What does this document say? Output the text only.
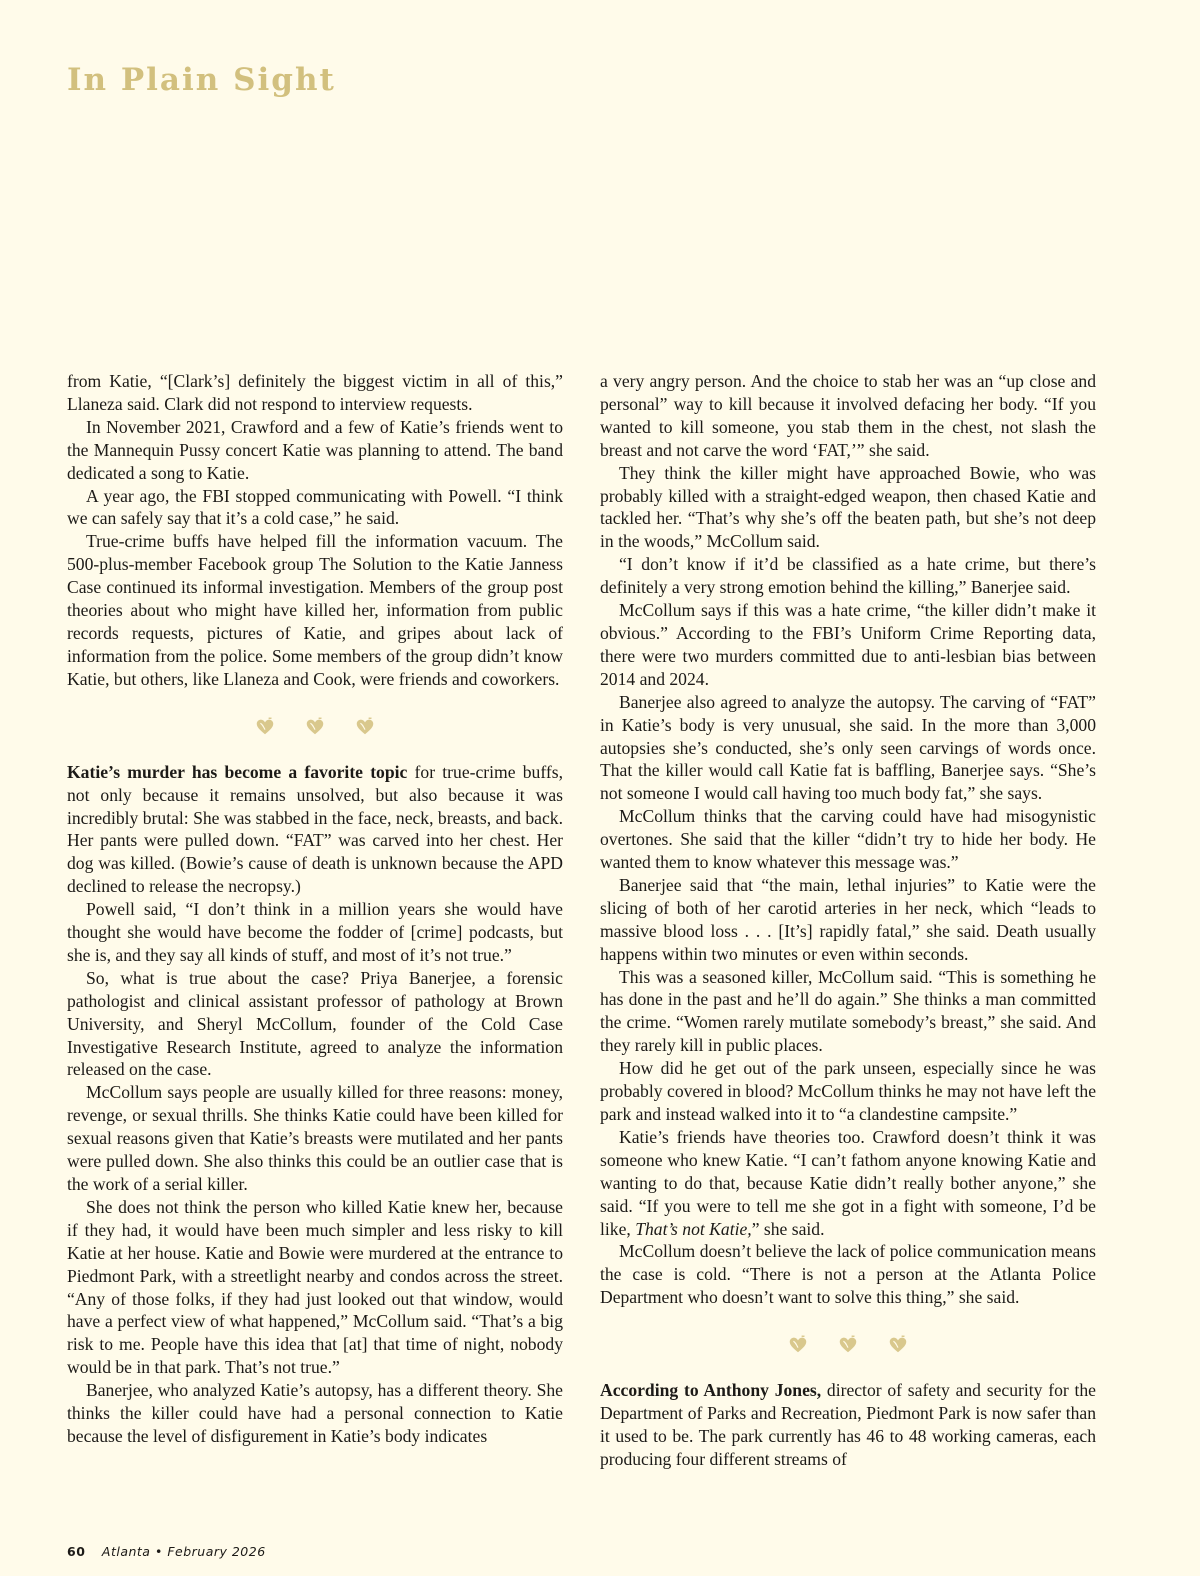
In Plain Sight

from Katie, “[Clark’s] definitely the biggest victim in all of this,” Llaneza said. Clark did not respond to interview requests.

In November 2021, Crawford and a few of Katie’s friends went to the Mannequin Pussy concert Katie was planning to attend. The band dedicated a song to Katie.

A year ago, the FBI stopped communicating with Powell. “I think we can safely say that it’s a cold case,” he said.

True-crime buffs have helped fill the information vacuum. The 500-plus-member Facebook group The Solution to the Katie Janness Case continued its informal investigation. Members of the group post theories about who might have killed her, information from public records requests, pictures of Katie, and gripes about lack of information from the police. Some members of the group didn’t know Katie, but others, like Llaneza and Cook, were friends and coworkers.

Katie’s murder has become a favorite topic for true-crime buffs, not only because it remains unsolved, but also because it was incredibly brutal: She was stabbed in the face, neck, breasts, and back. Her pants were pulled down. “FAT” was carved into her chest. Her dog was killed. (Bowie’s cause of death is unknown because the APD declined to release the necropsy.)

Powell said, “I don’t think in a million years she would have thought she would have become the fodder of [crime] podcasts, but she is, and they say all kinds of stuff, and most of it’s not true.”

So, what is true about the case? Priya Banerjee, a forensic pathologist and clinical assistant professor of pathology at Brown University, and Sheryl McCollum, founder of the Cold Case Investigative Research Institute, agreed to analyze the information released on the case.

McCollum says people are usually killed for three reasons: money, revenge, or sexual thrills. She thinks Katie could have been killed for sexual reasons given that Katie’s breasts were mutilated and her pants were pulled down. She also thinks this could be an outlier case that is the work of a serial killer.

She does not think the person who killed Katie knew her, because if they had, it would have been much simpler and less risky to kill Katie at her house. Katie and Bowie were murdered at the entrance to Piedmont Park, with a streetlight nearby and condos across the street. “Any of those folks, if they had just looked out that window, would have a perfect view of what happened,” McCollum said. “That’s a big risk to me. People have this idea that [at] that time of night, nobody would be in that park. That’s not true.”

Banerjee, who analyzed Katie’s autopsy, has a different theory. She thinks the killer could have had a personal connection to Katie because the level of disfigurement in Katie’s body indicates

a very angry person. And the choice to stab her was an “up close and personal” way to kill because it involved defacing her body. “If you wanted to kill someone, you stab them in the chest, not slash the breast and not carve the word ‘FAT,’” she said.

They think the killer might have approached Bowie, who was probably killed with a straight-edged weapon, then chased Katie and tackled her. “That’s why she’s off the beaten path, but she’s not deep in the woods,” McCollum said.

“I don’t know if it’d be classified as a hate crime, but there’s definitely a very strong emotion behind the killing,” Banerjee said.

McCollum says if this was a hate crime, “the killer didn’t make it obvious.” According to the FBI’s Uniform Crime Reporting data, there were two murders committed due to anti-lesbian bias between 2014 and 2024.

Banerjee also agreed to analyze the autopsy. The carving of “FAT” in Katie’s body is very unusual, she said. In the more than 3,000 autopsies she’s conducted, she’s only seen carvings of words once. That the killer would call Katie fat is baffling, Banerjee says. “She’s not someone I would call having too much body fat,” she says.

McCollum thinks that the carving could have had misogynistic overtones. She said that the killer “didn’t try to hide her body. He wanted them to know whatever this message was.”

Banerjee said that “the main, lethal injuries” to Katie were the slicing of both of her carotid arteries in her neck, which “leads to massive blood loss . . . [It’s] rapidly fatal,” she said. Death usually happens within two minutes or even within seconds.

This was a seasoned killer, McCollum said. “This is something he has done in the past and he’ll do again.” She thinks a man committed the crime. “Women rarely mutilate somebody’s breast,” she said. And they rarely kill in public places.

How did he get out of the park unseen, especially since he was probably covered in blood? McCollum thinks he may not have left the park and instead walked into it to “a clandestine campsite.”

Katie’s friends have theories too. Crawford doesn’t think it was someone who knew Katie. “I can’t fathom anyone knowing Katie and wanting to do that, because Katie didn’t really bother anyone,” she said. “If you were to tell me she got in a fight with someone, I’d be like, That’s not Katie,” she said.

McCollum doesn’t believe the lack of police communication means the case is cold. “There is not a person at the Atlanta Police Department who doesn’t want to solve this thing,” she said.

According to Anthony Jones, director of safety and security for the Department of Parks and Recreation, Piedmont Park is now safer than it used to be. The park currently has 46 to 48 working cameras, each producing four different streams of

60 Atlanta • February 2026
